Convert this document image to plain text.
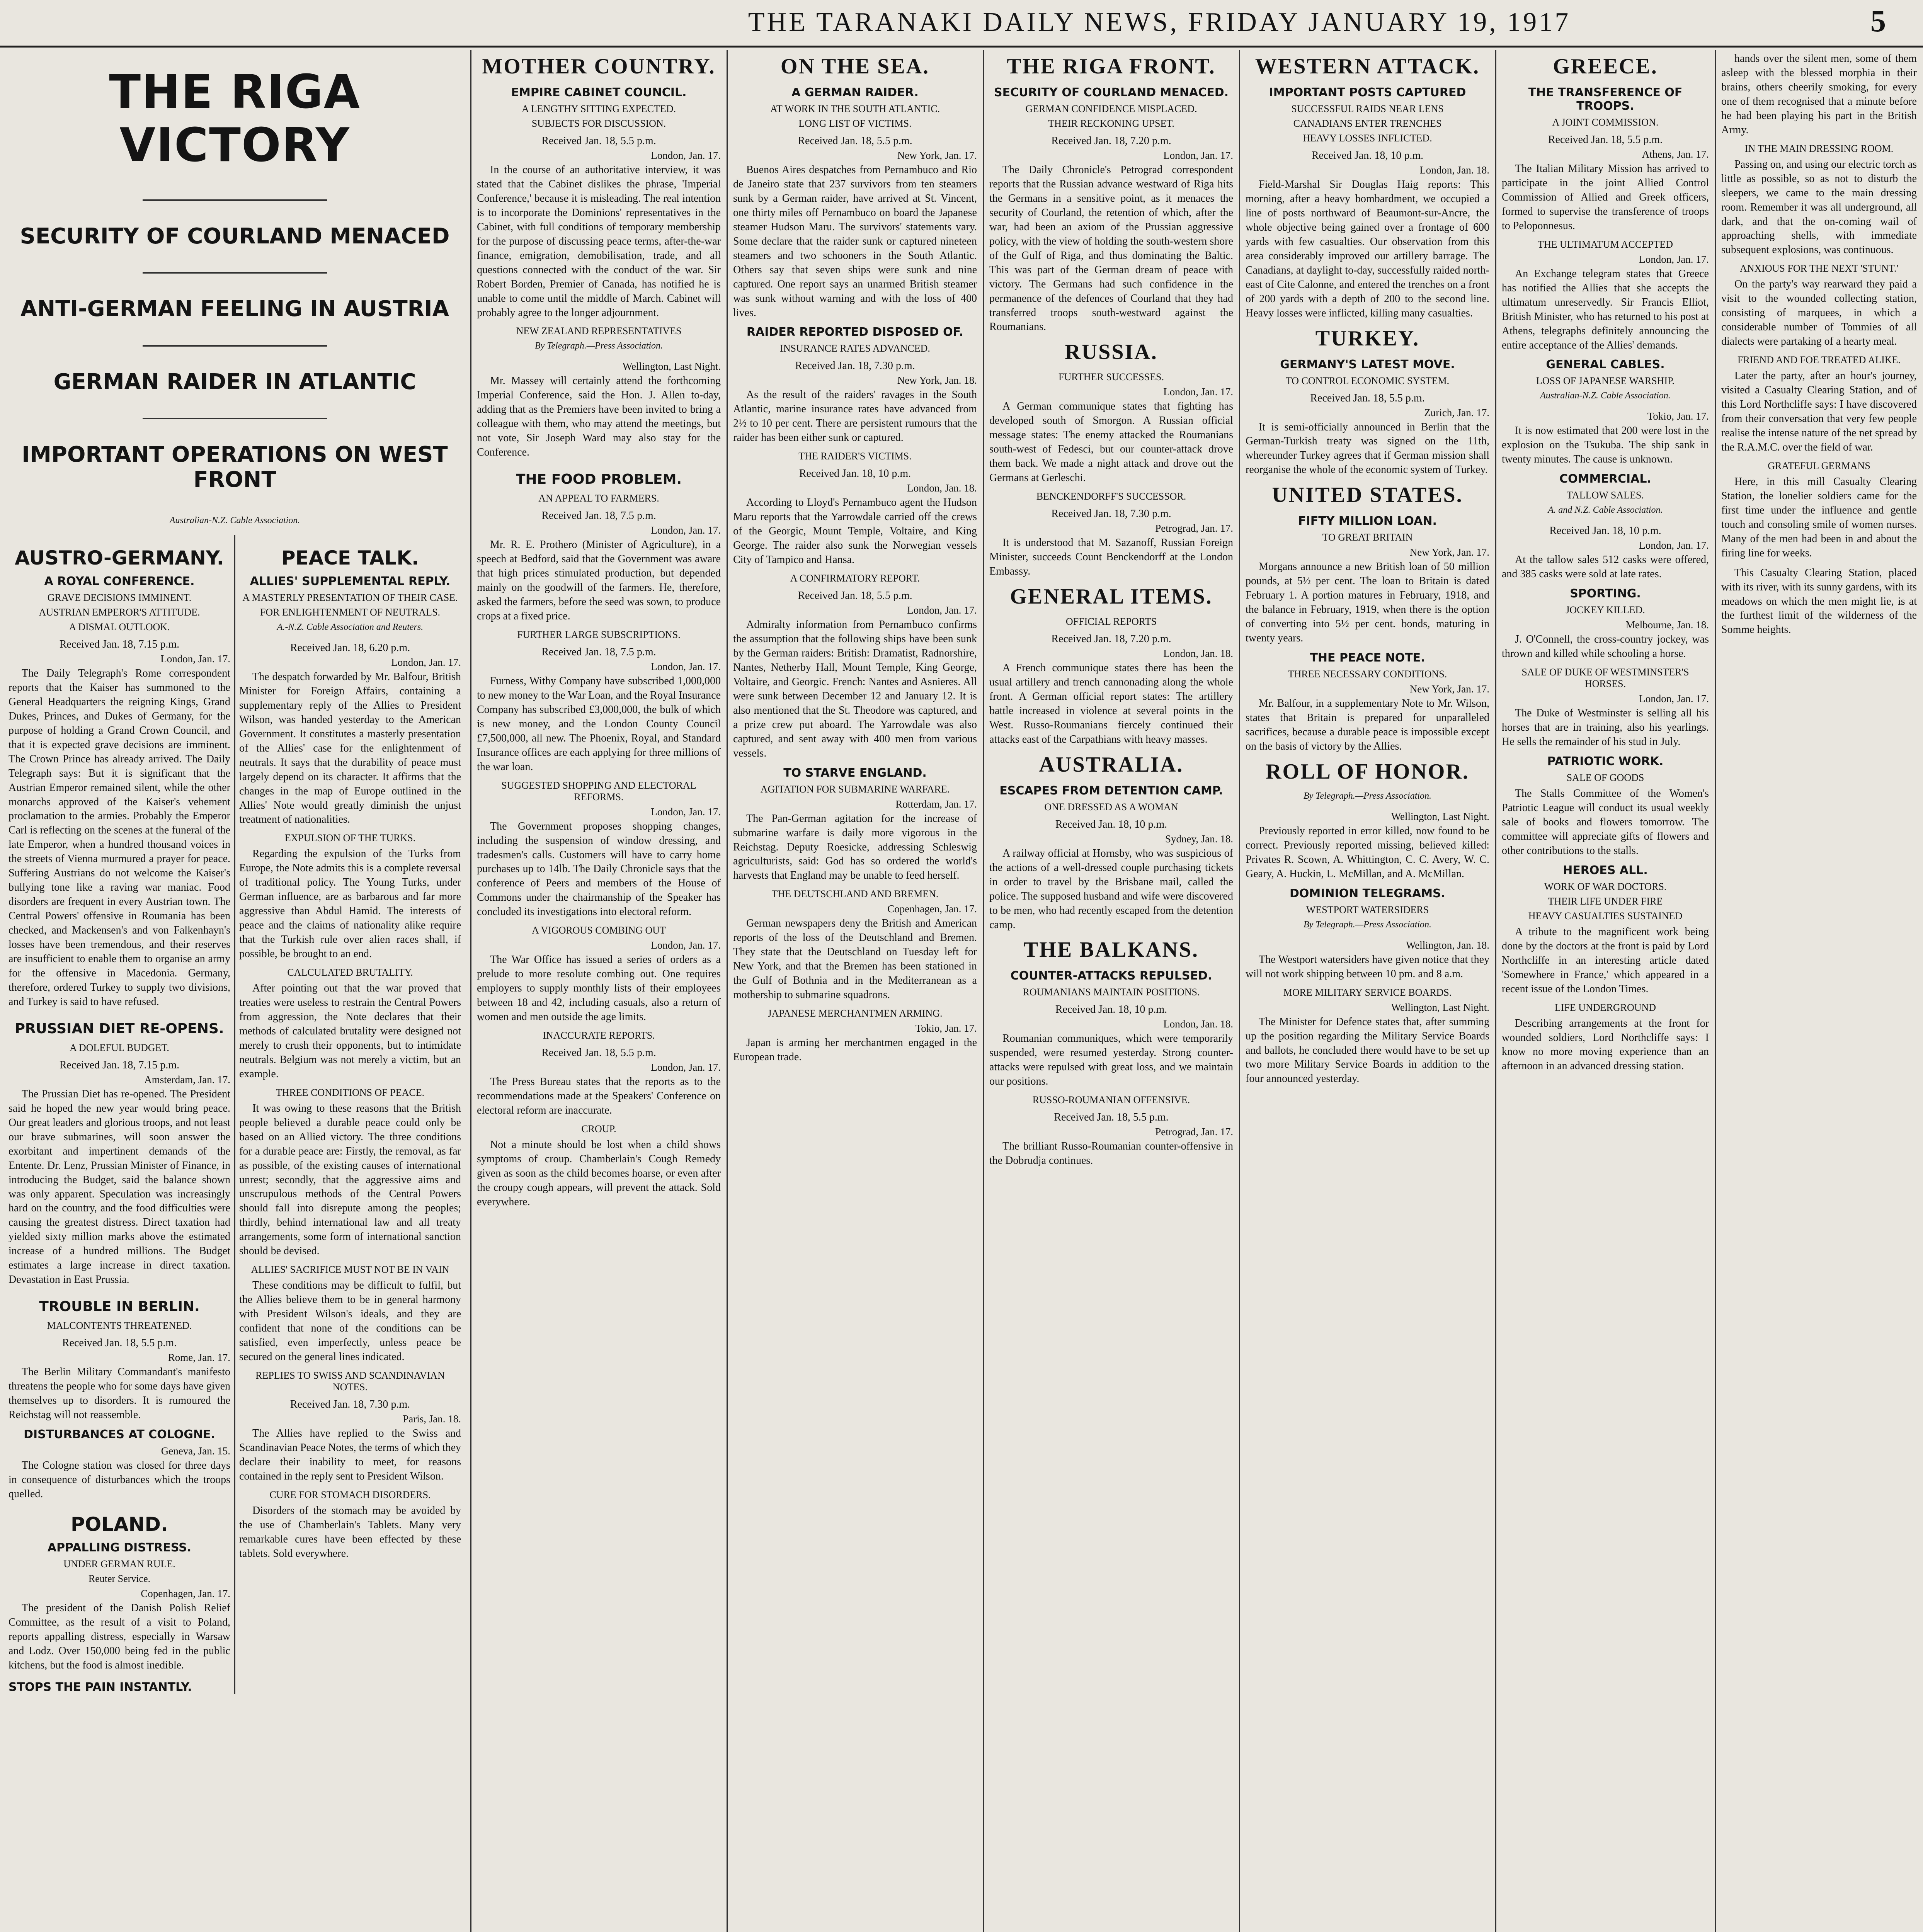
THE TARANAKI DAILY NEWS, FRIDAY JANUARY 19, 1917	5
THE RIGA VICTORY
SECURITY OF COURLAND MENACED
ANTI-GERMAN FEELING IN AUSTRIA
GERMAN RAIDER IN ATLANTIC
IMPORTANT OPERATIONS ON WEST FRONT
Australian-N.Z. Cable Association.
AUSTRO-GERMANY.
A ROYAL CONFERENCE.
GRAVE DECISIONS IMMINENT.
AUSTRIAN EMPEROR'S ATTITUDE.
A DISMAL OUTLOOK.
Received Jan. 18, 7.15 p.m.
London, Jan. 17.

The Daily Telegraph's Rome correspondent reports that the Kaiser has summoned to the General Headquarters the reigning Kings, Grand Dukes, Princes, and Dukes of Germany, for the purpose of holding a Grand Crown Council, and that it is expected grave decisions are imminent. The Crown Prince has already arrived. The Daily Telegraph says: But it is significant that the Austrian Emperor remained silent, while the other monarchs approved of the Kaiser's vehement proclamation to the armies. Probably the Emperor Carl is reflecting on the scenes at the funeral of the late Emperor, when a hundred thousand voices in the streets of Vienna murmured a prayer for peace. Suffering Austrians do not welcome the Kaiser's bullying tone like a raving war maniac. Food disorders are frequent in every Austrian town. The Central Powers' offensive in Roumania has been checked, and Mackensen's and von Falkenhayn's losses have been tremendous, and their reserves are insufficient to enable them to organise an army for the offensive in Macedonia. Germany, therefore, ordered Turkey to supply two divisions, and Turkey is said to have refused.

PRUSSIAN DIET RE-OPENS.
A DOLEFUL BUDGET.
Received Jan. 18, 7.15 p.m.
Amsterdam, Jan. 17.

The Prussian Diet has re-opened. The President said he hoped the new year would bring peace. Our great leaders and glorious troops, and not least our brave submarines, will soon answer the exorbitant and impertinent demands of the Entente. Dr. Lenz, Prussian Minister of Finance, in introducing the Budget, said the balance shown was only apparent. Speculation was increasingly hard on the country, and the food difficulties were causing the greatest distress. Direct taxation had yielded sixty million marks above the estimated increase of a hundred millions. The Budget estimates a large increase in direct taxation. Devastation in East Prussia.

TROUBLE IN BERLIN.
MALCONTENTS THREATENED.
Received Jan. 18, 5.5 p.m.
Rome, Jan. 17.

The Berlin Military Commandant's manifesto threatens the people who for some days have given themselves up to disorders. It is rumoured the Reichstag will not reassemble.

DISTURBANCES AT COLOGNE.
Geneva, Jan. 15.

The Cologne station was closed for three days in consequence of disturbances which the troops quelled.

POLAND.
APPALLING DISTRESS.
UNDER GERMAN RULE.
Reuter Service.
Copenhagen, Jan. 17.

The president of the Danish Polish Relief Committee, as the result of a visit to Poland, reports appalling distress, especially in Warsaw and Lodz. Over 150,000 being fed in the public kitchens, but the food is almost inedible.

STOPS THE PAIN INSTANTLY.
PEACE TALK.
ALLIES' SUPPLEMENTAL REPLY.
A MASTERLY PRESENTATION OF THEIR CASE.
FOR ENLIGHTENMENT OF NEUTRALS.
A.-N.Z. Cable Association and Reuters.
Received Jan. 18, 6.20 p.m.
London, Jan. 17.

The despatch forwarded by Mr. Balfour, British Minister for Foreign Affairs, containing a supplementary reply of the Allies to President Wilson, was handed yesterday to the American Government. It constitutes a masterly presentation of the Allies' case for the enlightenment of neutrals. It says that the durability of peace must largely depend on its character. It affirms that the changes in the map of Europe outlined in the Allies' Note would greatly diminish the unjust treatment of nationalities.

EXPULSION OF THE TURKS.

Regarding the expulsion of the Turks from Europe, the Note admits this is a complete reversal of traditional policy. The Young Turks, under German influence, are as barbarous and far more aggressive than Abdul Hamid. The interests of peace and the claims of nationality alike require that the Turkish rule over alien races shall, if possible, be brought to an end.

CALCULATED BRUTALITY.

After pointing out that the war proved that treaties were useless to restrain the Central Powers from aggression, the Note declares that their methods of calculated brutality were designed not merely to crush their opponents, but to intimidate neutrals. Belgium was not merely a victim, but an example.

THREE CONDITIONS OF PEACE.

It was owing to these reasons that the British people believed a durable peace could only be based on an Allied victory. The three conditions for a durable peace are: Firstly, the removal, as far as possible, of the existing causes of international unrest; secondly, that the aggressive aims and unscrupulous methods of the Central Powers should fall into disrepute among the peoples; thirdly, behind international law and all treaty arrangements, some form of international sanction should be devised.

ALLIES' SACRIFICE MUST NOT BE IN VAIN

These conditions may be difficult to fulfil, but the Allies believe them to be in general harmony with President Wilson's ideals, and they are confident that none of the conditions can be satisfied, even imperfectly, unless peace be secured on the general lines indicated.

REPLIES TO SWISS AND SCANDINAVIAN NOTES.
Received Jan. 18, 7.30 p.m.
Paris, Jan. 18.

The Allies have replied to the Swiss and Scandinavian Peace Notes, the terms of which they declare their inability to meet, for reasons contained in the reply sent to President Wilson.

CURE FOR STOMACH DISORDERS.

Disorders of the stomach may be avoided by the use of Chamberlain's Tablets. Many very remarkable cures have been effected by these tablets. Sold everywhere.

MOTHER COUNTRY.
EMPIRE CABINET COUNCIL.
A LENGTHY SITTING EXPECTED.
SUBJECTS FOR DISCUSSION.
Received Jan. 18, 5.5 p.m.
London, Jan. 17.

In the course of an authoritative interview, it was stated that the Cabinet dislikes the phrase, 'Imperial Conference,' because it is misleading. The real intention is to incorporate the Dominions' representatives in the Cabinet, with full conditions of temporary membership for the purpose of discussing peace terms, after-the-war finance, emigration, demobilisation, trade, and all questions connected with the conduct of the war. Sir Robert Borden, Premier of Canada, has notified he is unable to come until the middle of March. Cabinet will probably agree to the longer adjournment.

NEW ZEALAND REPRESENTATIVES
By Telegraph.—Press Association.
Wellington, Last Night.

Mr. Massey will certainly attend the forthcoming Imperial Conference, said the Hon. J. Allen to-day, adding that as the Premiers have been invited to bring a colleague with them, who may attend the meetings, but not vote, Sir Joseph Ward may also stay for the Conference.

THE FOOD PROBLEM.
AN APPEAL TO FARMERS.
Received Jan. 18, 7.5 p.m.
London, Jan. 17.

Mr. R. E. Prothero (Minister of Agriculture), in a speech at Bedford, said that the Government was aware that high prices stimulated production, but depended mainly on the goodwill of the farmers. He, therefore, asked the farmers, before the seed was sown, to produce crops at a fixed price.

FURTHER LARGE SUBSCRIPTIONS.
Received Jan. 18, 7.5 p.m.
London, Jan. 17.

Furness, Withy Company have subscribed 1,000,000 to new money to the War Loan, and the Royal Insurance Company has subscribed £3,000,000, the bulk of which is new money, and the London County Council £7,500,000, all new. The Phoenix, Royal, and Standard Insurance offices are each applying for three millions of the war loan.

SUGGESTED SHOPPING AND ELECTORAL REFORMS.
London, Jan. 17.

The Government proposes shopping changes, including the suspension of window dressing, and tradesmen's calls. Customers will have to carry home purchases up to 14lb. The Daily Chronicle says that the conference of Peers and members of the House of Commons under the chairmanship of the Speaker has concluded its investigations into electoral reform.

A VIGOROUS COMBING OUT
London, Jan. 17.

The War Office has issued a series of orders as a prelude to more resolute combing out. One requires employers to supply monthly lists of their employees between 18 and 42, including casuals, also a return of women and men outside the age limits.

INACCURATE REPORTS.
Received Jan. 18, 5.5 p.m.
London, Jan. 17.

The Press Bureau states that the reports as to the recommendations made at the Speakers' Conference on electoral reform are inaccurate.

CROUP.

Not a minute should be lost when a child shows symptoms of croup. Chamberlain's Cough Remedy given as soon as the child becomes hoarse, or even after the croupy cough appears, will prevent the attack. Sold everywhere.

ON THE SEA.
A GERMAN RAIDER.
AT WORK IN THE SOUTH ATLANTIC.
LONG LIST OF VICTIMS.
Received Jan. 18, 5.5 p.m.
New York, Jan. 17.

Buenos Aires despatches from Pernambuco and Rio de Janeiro state that 237 survivors from ten steamers sunk by a German raider, have arrived at St. Vincent, one thirty miles off Pernambuco on board the Japanese steamer Hudson Maru. The survivors' statements vary. Some declare that the raider sunk or captured nineteen steamers and two schooners in the South Atlantic. Others say that seven ships were sunk and nine captured. One report says an unarmed British steamer was sunk without warning and with the loss of 400 lives.

RAIDER REPORTED DISPOSED OF.
INSURANCE RATES ADVANCED.
Received Jan. 18, 7.30 p.m.
New York, Jan. 18.

As the result of the raiders' ravages in the South Atlantic, marine insurance rates have advanced from 2½ to 10 per cent. There are persistent rumours that the raider has been either sunk or captured.

THE RAIDER'S VICTIMS.
Received Jan. 18, 10 p.m.
London, Jan. 18.

According to Lloyd's Pernambuco agent the Hudson Maru reports that the Yarrowdale carried off the crews of the Georgic, Mount Temple, Voltaire, and King George. The raider also sunk the Norwegian vessels City of Tampico and Hansa.

A CONFIRMATORY REPORT.
Received Jan. 18, 5.5 p.m.
London, Jan. 17.

Admiralty information from Pernambuco confirms the assumption that the following ships have been sunk by the German raiders: British: Dramatist, Radnorshire, Nantes, Netherby Hall, Mount Temple, King George, Voltaire, and Georgic. French: Nantes and Asnieres. All were sunk between December 12 and January 12. It is also mentioned that the St. Theodore was captured, and a prize crew put aboard. The Yarrowdale was also captured, and sent away with 400 men from various vessels.

TO STARVE ENGLAND.
AGITATION FOR SUBMARINE WARFARE.
Rotterdam, Jan. 17.

The Pan-German agitation for the increase of submarine warfare is daily more vigorous in the Reichstag. Deputy Roesicke, addressing Schleswig agriculturists, said: God has so ordered the world's harvests that England may be unable to feed herself.

THE DEUTSCHLAND AND BREMEN.
Copenhagen, Jan. 17.

German newspapers deny the British and American reports of the loss of the Deutschland and Bremen. They state that the Deutschland on Tuesday left for New York, and that the Bremen has been stationed in the Gulf of Bothnia and in the Mediterranean as a mothership to submarine squadrons.

JAPANESE MERCHANTMEN ARMING.
Tokio, Jan. 17.

Japan is arming her merchantmen engaged in the European trade.

THE RIGA FRONT.
SECURITY OF COURLAND MENACED.
GERMAN CONFIDENCE MISPLACED.
THEIR RECKONING UPSET.
Received Jan. 18, 7.20 p.m.
London, Jan. 17.

The Daily Chronicle's Petrograd correspondent reports that the Russian advance westward of Riga hits the Germans in a sensitive point, as it menaces the security of Courland, the retention of which, after the war, had been an axiom of the Prussian aggressive policy, with the view of holding the south-western shore of the Gulf of Riga, and thus dominating the Baltic. This was part of the German dream of peace with victory. The Germans had such confidence in the permanence of the defences of Courland that they had transferred troops south-westward against the Roumanians.

RUSSIA.
FURTHER SUCCESSES.
London, Jan. 17.

A German communique states that fighting has developed south of Smorgon. A Russian official message states: The enemy attacked the Roumanians south-west of Fedesci, but our counter-attack drove them back. We made a night attack and drove out the Germans at Gerleschi.

BENCKENDORFF'S SUCCESSOR.
Received Jan. 18, 7.30 p.m.
Petrograd, Jan. 17.

It is understood that M. Sazanoff, Russian Foreign Minister, succeeds Count Benckendorff at the London Embassy.

GENERAL ITEMS.
OFFICIAL REPORTS
Received Jan. 18, 7.20 p.m.
London, Jan. 18.

A French communique states there has been the usual artillery and trench cannonading along the whole front. A German official report states: The artillery battle increased in violence at several points in the West. Russo-Roumanians fiercely continued their attacks east of the Carpathians with heavy masses.

AUSTRALIA.
ESCAPES FROM DETENTION CAMP.
ONE DRESSED AS A WOMAN
Received Jan. 18, 10 p.m.
Sydney, Jan. 18.

A railway official at Hornsby, who was suspicious of the actions of a well-dressed couple purchasing tickets in order to travel by the Brisbane mail, called the police. The supposed husband and wife were discovered to be men, who had recently escaped from the detention camp.

THE BALKANS.
COUNTER-ATTACKS REPULSED.
ROUMANIANS MAINTAIN POSITIONS.
Received Jan. 18, 10 p.m.
London, Jan. 18.

Roumanian communiques, which were temporarily suspended, were resumed yesterday. Strong counter-attacks were repulsed with great loss, and we maintain our positions.

RUSSO-ROUMANIAN OFFENSIVE.
Received Jan. 18, 5.5 p.m.
Petrograd, Jan. 17.

The brilliant Russo-Roumanian counter-offensive in the Dobrudja continues.

WESTERN ATTACK.
IMPORTANT POSTS CAPTURED
SUCCESSFUL RAIDS NEAR LENS
CANADIANS ENTER TRENCHES
HEAVY LOSSES INFLICTED.
Received Jan. 18, 10 p.m.
London, Jan. 18.

Field-Marshal Sir Douglas Haig reports: This morning, after a heavy bombardment, we occupied a line of posts northward of Beaumont-sur-Ancre, the whole objective being gained over a frontage of 600 yards with few casualties. Our observation from this area considerably improved our artillery barrage. The Canadians, at daylight to-day, successfully raided north-east of Cite Calonne, and entered the trenches on a front of 200 yards with a depth of 200 to the second line. Heavy losses were inflicted, killing many casualties.

TURKEY.
GERMANY'S LATEST MOVE.
TO CONTROL ECONOMIC SYSTEM.
Received Jan. 18, 5.5 p.m.
Zurich, Jan. 17.

It is semi-officially announced in Berlin that the German-Turkish treaty was signed on the 11th, whereunder Turkey agrees that if German mission shall reorganise the whole of the economic system of Turkey.

UNITED STATES.
FIFTY MILLION LOAN.
TO GREAT BRITAIN
New York, Jan. 17.

Morgans announce a new British loan of 50 million pounds, at 5½ per cent. The loan to Britain is dated February 1. A portion matures in February, 1918, and the balance in February, 1919, when there is the option of converting into 5½ per cent. bonds, maturing in twenty years.

THE PEACE NOTE.
THREE NECESSARY CONDITIONS.
New York, Jan. 17.

Mr. Balfour, in a supplementary Note to Mr. Wilson, states that Britain is prepared for unparalleled sacrifices, because a durable peace is impossible except on the basis of victory by the Allies.

ROLL OF HONOR.
By Telegraph.—Press Association.
Wellington, Last Night.

Previously reported in error killed, now found to be correct. Previously reported missing, believed killed: Privates R. Scown, A. Whittington, C. C. Avery, W. C. Geary, A. Huckin, L. McMillan, and A. McMillan.

DOMINION TELEGRAMS.
WESTPORT WATERSIDERS
By Telegraph.—Press Association.
Wellington, Jan. 18.

The Westport watersiders have given notice that they will not work shipping between 10 pm. and 8 a.m.

MORE MILITARY SERVICE BOARDS.
Wellington, Last Night.

The Minister for Defence states that, after summing up the position regarding the Military Service Boards and ballots, he concluded there would have to be set up two more Military Service Boards in addition to the four announced yesterday.

GREECE.
THE TRANSFERENCE OF TROOPS.
A JOINT COMMISSION.
Received Jan. 18, 5.5 p.m.
Athens, Jan. 17.

The Italian Military Mission has arrived to participate in the joint Allied Control Commission of Allied and Greek officers, formed to supervise the transference of troops to Peloponnesus.

THE ULTIMATUM ACCEPTED
London, Jan. 17.

An Exchange telegram states that Greece has notified the Allies that she accepts the ultimatum unreservedly. Sir Francis Elliot, British Minister, who has returned to his post at Athens, telegraphs definitely announcing the entire acceptance of the Allies' demands.

GENERAL CABLES.
LOSS OF JAPANESE WARSHIP.
Australian-N.Z. Cable Association.
Tokio, Jan. 17.

It is now estimated that 200 were lost in the explosion on the Tsukuba. The ship sank in twenty minutes. The cause is unknown.

COMMERCIAL.
TALLOW SALES.
A. and N.Z. Cable Association.
Received Jan. 18, 10 p.m.
London, Jan. 17.

At the tallow sales 512 casks were offered, and 385 casks were sold at late rates.

SPORTING.
JOCKEY KILLED.
Melbourne, Jan. 18.

J. O'Connell, the cross-country jockey, was thrown and killed while schooling a horse.

SALE OF DUKE OF WESTMINSTER'S HORSES.
London, Jan. 17.

The Duke of Westminster is selling all his horses that are in training, also his yearlings. He sells the remainder of his stud in July.

PATRIOTIC WORK.
SALE OF GOODS

The Stalls Committee of the Women's Patriotic League will conduct its usual weekly sale of books and flowers tomorrow. The committee will appreciate gifts of flowers and other contributions to the stalls.

HEROES ALL.
WORK OF WAR DOCTORS.
THEIR LIFE UNDER FIRE
HEAVY CASUALTIES SUSTAINED

A tribute to the magnificent work being done by the doctors at the front is paid by Lord Northcliffe in an interesting article dated 'Somewhere in France,' which appeared in a recent issue of the London Times.

LIFE UNDERGROUND

Describing arrangements at the front for wounded soldiers, Lord Northcliffe says: I know no more moving experience than an afternoon in an advanced dressing station.

hands over the silent men, some of them asleep with the blessed morphia in their brains, others cheerily smoking, for every one of them recognised that a minute before he had been playing his part in the British Army.

IN THE MAIN DRESSING ROOM.

Passing on, and using our electric torch as little as possible, so as not to disturb the sleepers, we came to the main dressing room. Remember it was all underground, all dark, and that the on-coming wail of approaching shells, with immediate subsequent explosions, was continuous.

ANXIOUS FOR THE NEXT 'STUNT.'

On the party's way rearward they paid a visit to the wounded collecting station, consisting of marquees, in which a considerable number of Tommies of all dialects were partaking of a hearty meal.

FRIEND AND FOE TREATED ALIKE.

Later the party, after an hour's journey, visited a Casualty Clearing Station, and of this Lord Northcliffe says: I have discovered from their conversation that very few people realise the intense nature of the net spread by the R.A.M.C. over the field of war.

GRATEFUL GERMANS

Here, in this mill Casualty Clearing Station, the lonelier soldiers came for the first time under the influence and gentle touch and consoling smile of women nurses. Many of the men had been in and about the firing line for weeks.

This Casualty Clearing Station, placed with its river, with its sunny gardens, with its meadows on which the men might lie, is at the furthest limit of the wilderness of the Somme heights.
